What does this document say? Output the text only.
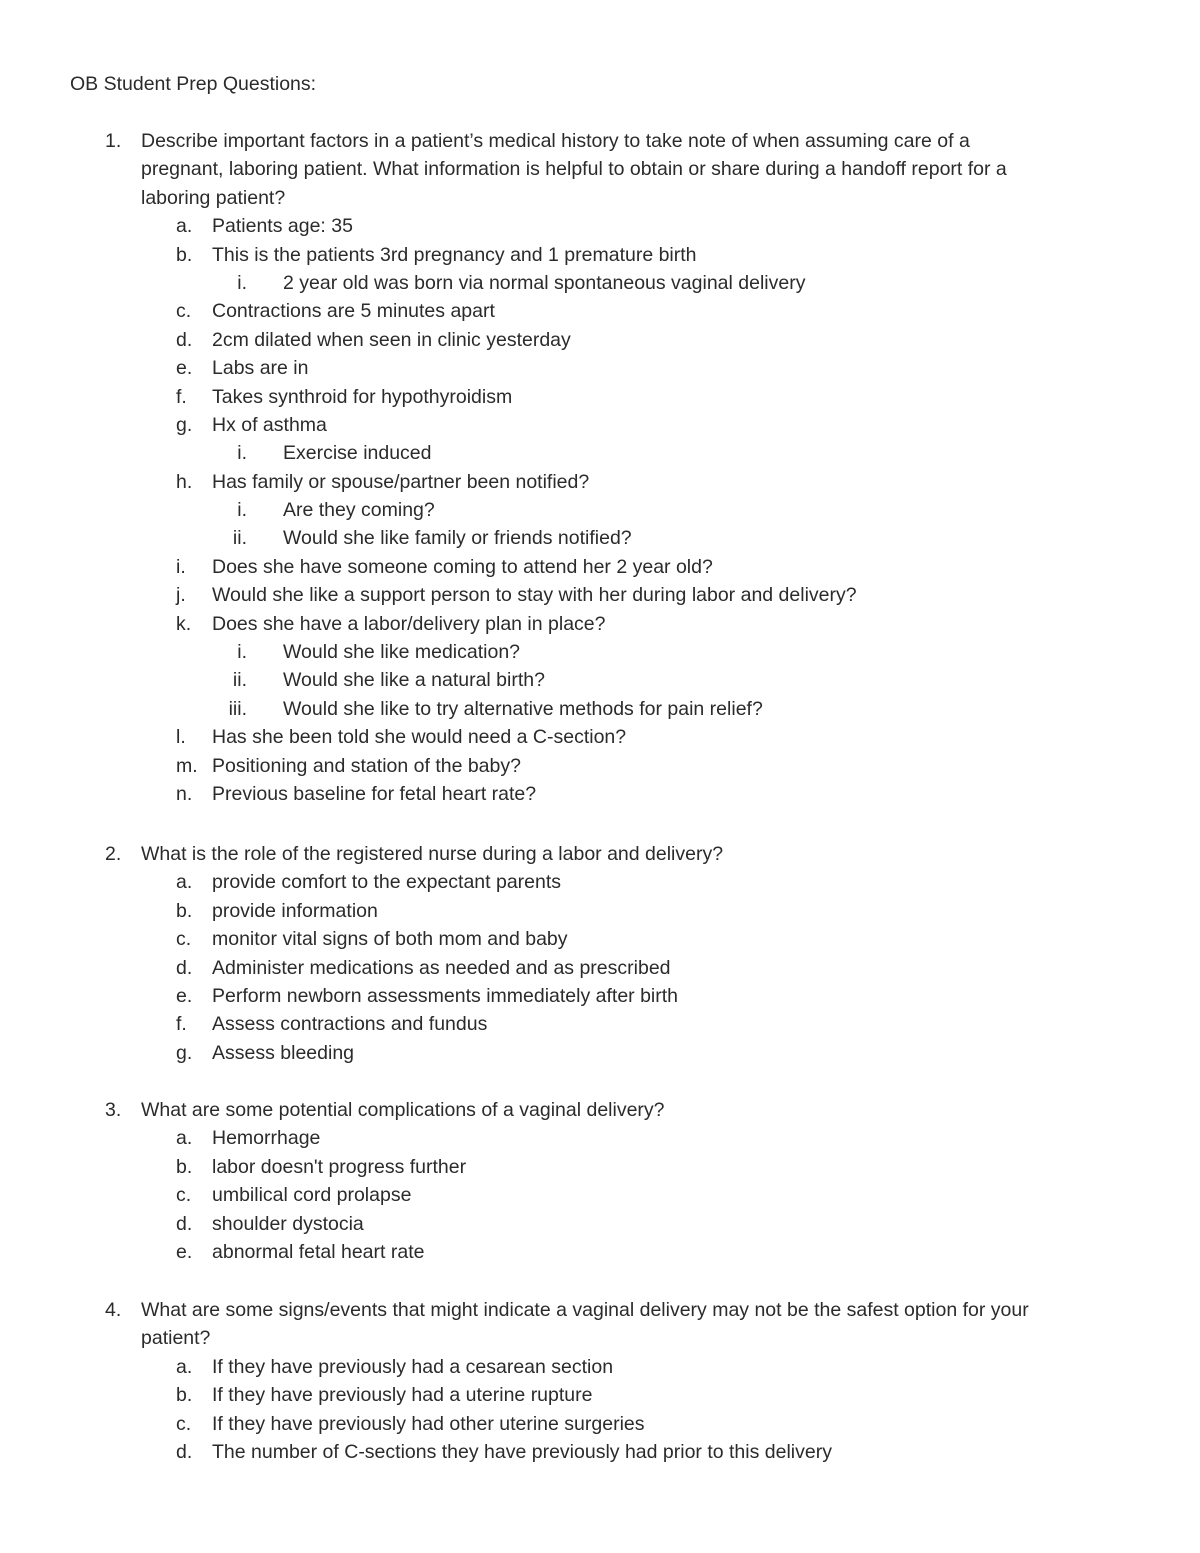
OB Student Prep Questions:
1. Describe important factors in a patient’s medical history to take note of when assuming care of a
pregnant, laboring patient. What information is helpful to obtain or share during a handoff report for a
laboring patient?
a. Patients age: 35
b. This is the patients 3rd pregnancy and 1 premature birth
i. 2 year old was born via normal spontaneous vaginal delivery
c. Contractions are 5 minutes apart
d. 2cm dilated when seen in clinic yesterday
e. Labs are in
f. Takes synthroid for hypothyroidism
g. Hx of asthma
i. Exercise induced
h. Has family or spouse/partner been notified?
i. Are they coming?
ii. Would she like family or friends notified?
i. Does she have someone coming to attend her 2 year old?
j. Would she like a support person to stay with her during labor and delivery?
k. Does she have a labor/delivery plan in place?
i. Would she like medication?
ii. Would she like a natural birth?
iii. Would she like to try alternative methods for pain relief?
l. Has she been told she would need a C-section?
m. Positioning and station of the baby?
n. Previous baseline for fetal heart rate?
2. What is the role of the registered nurse during a labor and delivery?
a. provide comfort to the expectant parents
b. provide information
c. monitor vital signs of both mom and baby
d. Administer medications as needed and as prescribed
e. Perform newborn assessments immediately after birth
f. Assess contractions and fundus
g. Assess bleeding
3. What are some potential complications of a vaginal delivery?
a. Hemorrhage
b. labor doesn't progress further
c. umbilical cord prolapse
d. shoulder dystocia
e. abnormal fetal heart rate
4. What are some signs/events that might indicate a vaginal delivery may not be the safest option for your
patient?
a. If they have previously had a cesarean section
b. If they have previously had a uterine rupture
c. If they have previously had other uterine surgeries
d. The number of C-sections they have previously had prior to this delivery
